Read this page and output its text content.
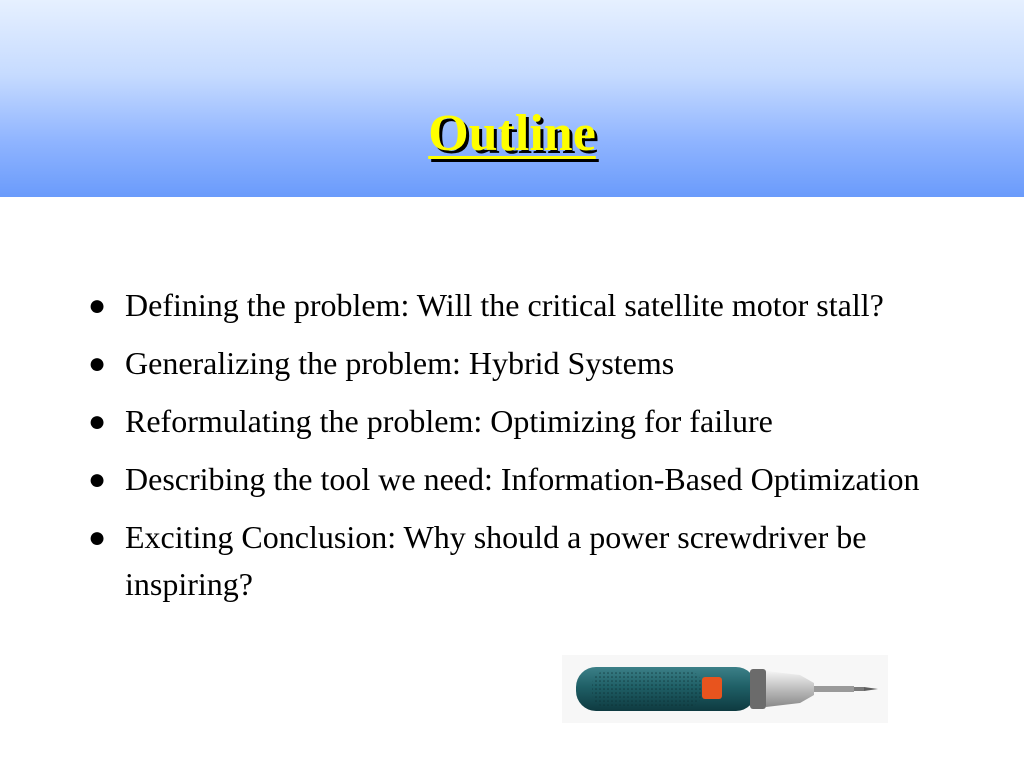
Outline
● Defining the problem: Will the critical satellite motor stall?
● Generalizing the problem: Hybrid Systems
● Reformulating the problem: Optimizing for failure
● Describing the tool we need: Information-Based Optimization
● Exciting Conclusion: Why should a power screwdriver be inspiring?
